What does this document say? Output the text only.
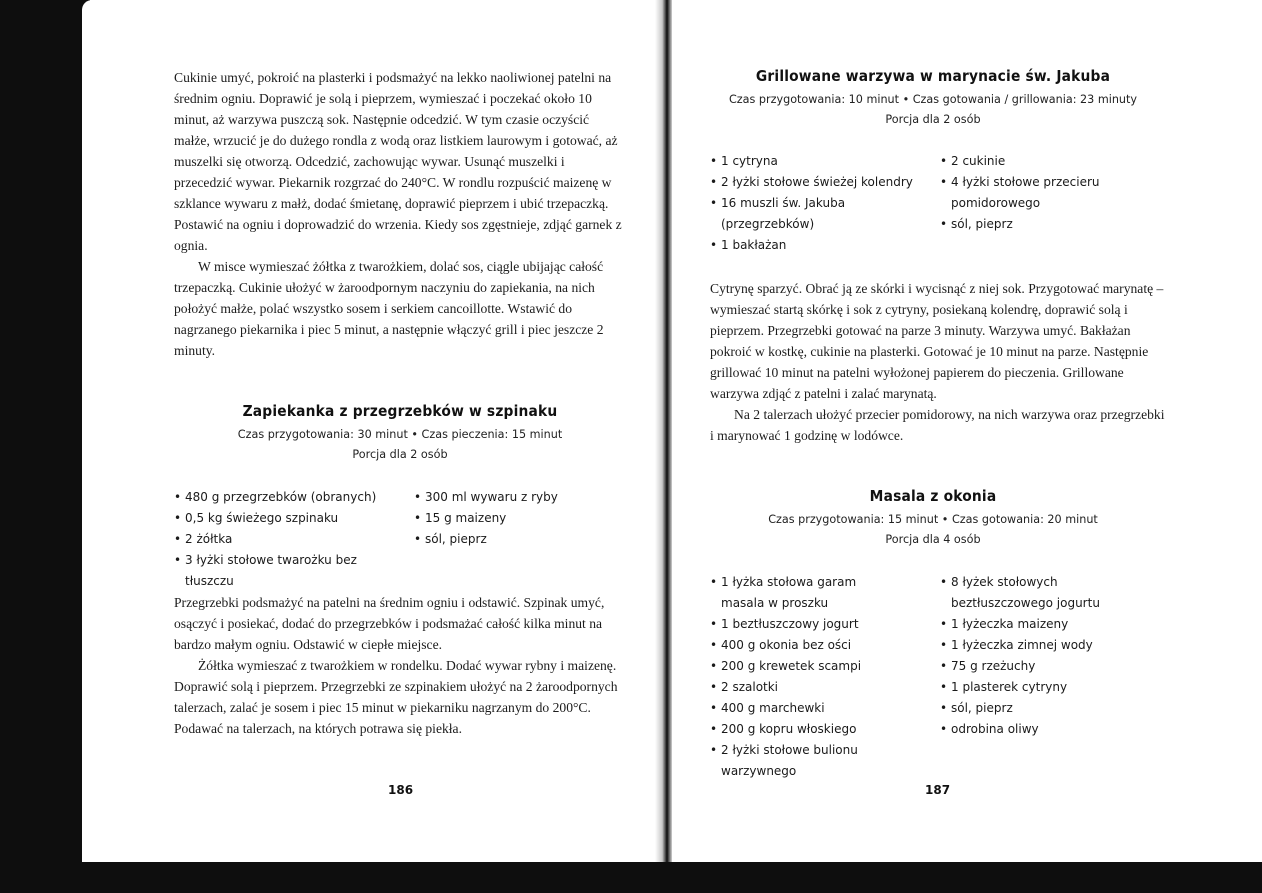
Cukinie umyć, pokroić na plasterki i podsmażyć na lekko naoliwionej patelni na średnim ogniu. Doprawić je solą i pieprzem, wymieszać i poczekać około 10 minut, aż warzywa puszczą sok. Następnie odcedzić. W tym czasie oczyścić małże, wrzucić je do dużego rondla z wodą oraz listkiem laurowym i gotować, aż muszelki się otworzą. Odcedzić, zachowując wywar. Usunąć muszelki i przecedzić wywar. Piekarnik rozgrzać do 240°C. W rondlu rozpuścić maizenę w szklance wywaru z małż, dodać śmietanę, doprawić pieprzem i ubić trzepaczką. Postawić na ogniu i doprowadzić do wrzenia. Kiedy sos zgęstnieje, zdjąć garnek z ognia.

W misce wymieszać żółtka z twarożkiem, dolać sos, ciągle ubijając całość trzepaczką. Cukinie ułożyć w żaroodpornym naczyniu do zapiekania, na nich położyć małże, polać wszystko sosem i serkiem cancoillotte. Wstawić do nagrzanego piekarnika i piec 5 minut, a następnie włączyć grill i piec jeszcze 2 minuty.

Zapiekanka z przegrzebków w szpinaku
Czas przygotowania: 30 minut • Czas pieczenia: 15 minut
Porcja dla 2 osób
• 480 g przegrzebków (obranych)
• 0,5 kg świeżego szpinaku
• 2 żółtka
• 3 łyżki stołowe twarożku bez tłuszczu
• 300 ml wywaru z ryby
• 15 g maizeny
• sól, pieprz

Przegrzebki podsmażyć na patelni na średnim ogniu i odstawić. Szpinak umyć, osączyć i posiekać, dodać do przegrzebków i podsmażać całość kilka minut na bardzo małym ogniu. Odstawić w ciepłe miejsce.

Żółtka wymieszać z twarożkiem w rondelku. Dodać wywar rybny i maizenę. Doprawić solą i pieprzem. Przegrzebki ze szpinakiem ułożyć na 2 żaroodpornych talerzach, zalać je sosem i piec 15 minut w piekarniku nagrzanym do 200°C. Podawać na talerzach, na których potrawa się piekła.

186
Grillowane warzywa w marynacie św. Jakuba
Czas przygotowania: 10 minut • Czas gotowania / grillowania: 23 minuty
Porcja dla 2 osób
• 1 cytryna
• 2 łyżki stołowe świeżej kolendry
• 16 muszli św. Jakuba (przegrzebków)
• 1 bakłażan
• 2 cukinie
• 4 łyżki stołowe przecieru pomidorowego
• sól, pieprz

Cytrynę sparzyć. Obrać ją ze skórki i wycisnąć z niej sok. Przygotować marynatę – wymieszać startą skórkę i sok z cytryny, posiekaną kolendrę, doprawić solą i pieprzem. Przegrzebki gotować na parze 3 minuty. Warzywa umyć. Bakłażan pokroić w kostkę, cukinie na plasterki. Gotować je 10 minut na parze. Następnie grillować 10 minut na patelni wyłożonej papierem do pieczenia. Grillowane warzywa zdjąć z patelni i zalać marynatą.

Na 2 talerzach ułożyć przecier pomidorowy, na nich warzywa oraz przegrzebki i marynować 1 godzinę w lodówce.

Masala z okonia
Czas przygotowania: 15 minut • Czas gotowania: 20 minut
Porcja dla 4 osób
• 1 łyżka stołowa garam masala w proszku
• 1 beztłuszczowy jogurt
• 400 g okonia bez ości
• 200 g krewetek scampi
• 2 szalotki
• 400 g marchewki
• 200 g kopru włoskiego
• 2 łyżki stołowe bulionu warzywnego
• 8 łyżek stołowych beztłuszczowego jogurtu
• 1 łyżeczka maizeny
• 1 łyżeczka zimnej wody
• 75 g rzeżuchy
• 1 plasterek cytryny
• sól, pieprz
• odrobina oliwy
187
